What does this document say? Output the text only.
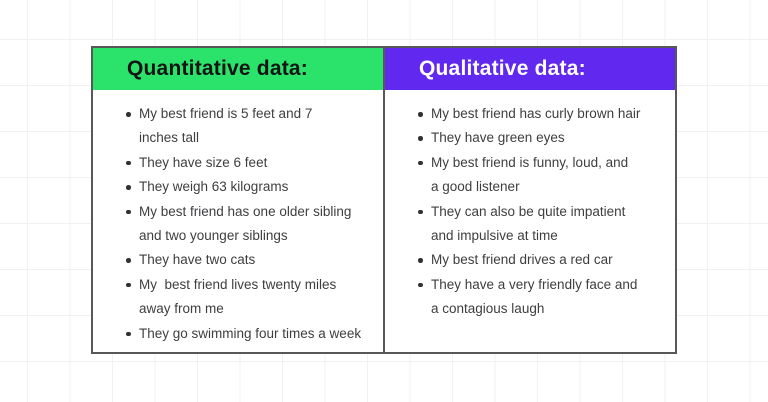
Quantitative data:
My best friend is 5 feet and 7
inches tall
They have size 6 feet
They weigh 63 kilograms
My best friend has one older sibling
and two younger siblings
They have two cats
My  best friend lives twenty miles
away from me
They go swimming four times a week
Qualitative data:
My best friend has curly brown hair
They have green eyes
My best friend is funny, loud, and
a good listener
They can also be quite impatient
and impulsive at time
My best friend drives a red car
They have a very friendly face and
a contagious laugh
